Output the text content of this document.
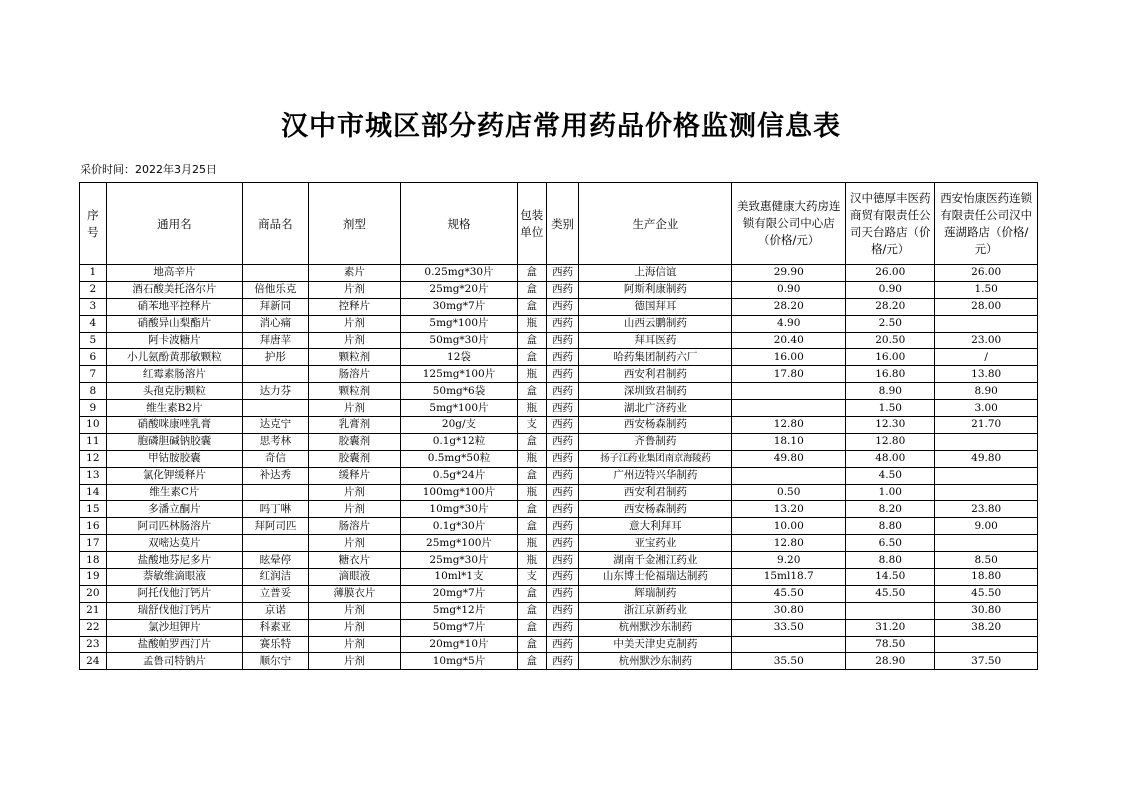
汉中市城区部分药店常用药品价格监测信息表
采价时间：2022年3月25日
序号	通用名	商品名	剂型	规格	包装单位	类别	生产企业	美致惠健康大药房连锁有限公司中心店（价格/元）	汉中德厚丰医药商贸有限责任公司天台路店（价格/元）	西安怡康医药连锁有限责任公司汉中莲湖路店（价格/元）
1	地高辛片		素片	0.25mg*30片	盒	西药	上海信谊	29.90	26.00	26.00
2	酒石酸美托洛尔片	倍他乐克	片剂	25mg*20片	盒	西药	阿斯利康制药	0.90	0.90	1.50
3	硝苯地平控释片	拜新同	控释片	30mg*7片	盒	西药	德国拜耳	28.20	28.20	28.00
4	硝酸异山梨酯片	消心痛	片剂	5mg*100片	瓶	西药	山西云鹏制药	4.90	2.50	
5	阿卡波糖片	拜唐苹	片剂	50mg*30片	盒	西药	拜耳医药	20.40	20.50	23.00
6	小儿氨酚黄那敏颗粒	护彤	颗粒剂	12袋	盒	西药	哈药集团制药六厂	16.00	16.00	/
7	红霉素肠溶片		肠溶片	125mg*100片	瓶	西药	西安利君制药	17.80	16.80	13.80
8	头孢克肟颗粒	达力芬	颗粒剂	50mg*6袋	盒	西药	深圳致君制药		8.90	8.90
9	维生素B2片		片剂	5mg*100片	瓶	西药	湖北广济药业		1.50	3.00
10	硝酸咪康唑乳膏	达克宁	乳膏剂	20g/支	支	西药	西安杨森制药	12.80	12.30	21.70
11	胞磷胆碱钠胶囊	思考林	胶囊剂	0.1g*12粒	盒	西药	齐鲁制药	18.10	12.80	
12	甲钴胺胶囊	奇信	胶囊剂	0.5mg*50粒	瓶	西药	扬子江药业集团南京海陵药	49.80	48.00	49.80
13	氯化钾缓释片	补达秀	缓释片	0.5g*24片	盒	西药	广州迈特兴华制药		4.50	
14	维生素C片		片剂	100mg*100片	瓶	西药	西安利君制药	0.50	1.00	
15	多潘立酮片	吗丁啉	片剂	10mg*30片	盒	西药	西安杨森制药	13.20	8.20	23.80
16	阿司匹林肠溶片	拜阿司匹	肠溶片	0.1g*30片	盒	西药	意大利拜耳	10.00	8.80	9.00
17	双嘧达莫片		片剂	25mg*100片	瓶	西药	亚宝药业	12.80	6.50	
18	盐酸地芬尼多片	眩晕停	糖衣片	25mg*30片	瓶	西药	湖南千金湘江药业	9.20	8.80	8.50
19	萘敏维滴眼液	红润洁	滴眼液	10ml*1支	支	西药	山东博士伦福瑞达制药	15ml18.7	14.50	18.80
20	阿托伐他汀钙片	立普妥	薄膜衣片	20mg*7片	盒	西药	辉瑞制药	45.50	45.50	45.50
21	瑞舒伐他汀钙片	京诺	片剂	5mg*12片	盒	西药	浙江京新药业	30.80		30.80
22	氯沙坦钾片	科素亚	片剂	50mg*7片	盒	西药	杭州默沙东制药	33.50	31.20	38.20
23	盐酸帕罗西汀片	赛乐特	片剂	20mg*10片	盒	西药	中美天津史克制药		78.50	
24	孟鲁司特钠片	顺尔宁	片剂	10mg*5片	盒	西药	杭州默沙东制药	35.50	28.90	37.50
